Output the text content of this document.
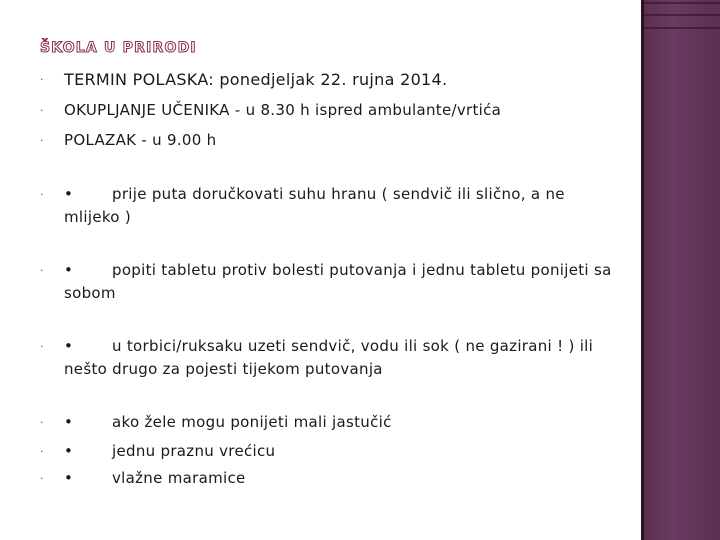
ŠKOLA U PRIRODI
·	TERMIN POLASKA: ponedjeljak 22. rujna 2014.
·	OKUPLJANJE UČENIKA - u 8.30 h ispred ambulante/vrtića
·	POLAZAK - u 9.00 h
·	•	prije puta doručkovati suhu hranu ( sendvič ili slično, a ne mlijeko )
·	•	popiti tabletu protiv bolesti putovanja i jednu tabletu ponijeti sa sobom
·	•	u torbici/ruksaku uzeti sendvič, vodu ili sok ( ne gazirani ! ) ili nešto drugo za pojesti tijekom putovanja
·	•	ako žele mogu ponijeti mali jastučić
·	•	jednu praznu vrećicu
·	•	vlažne maramice
